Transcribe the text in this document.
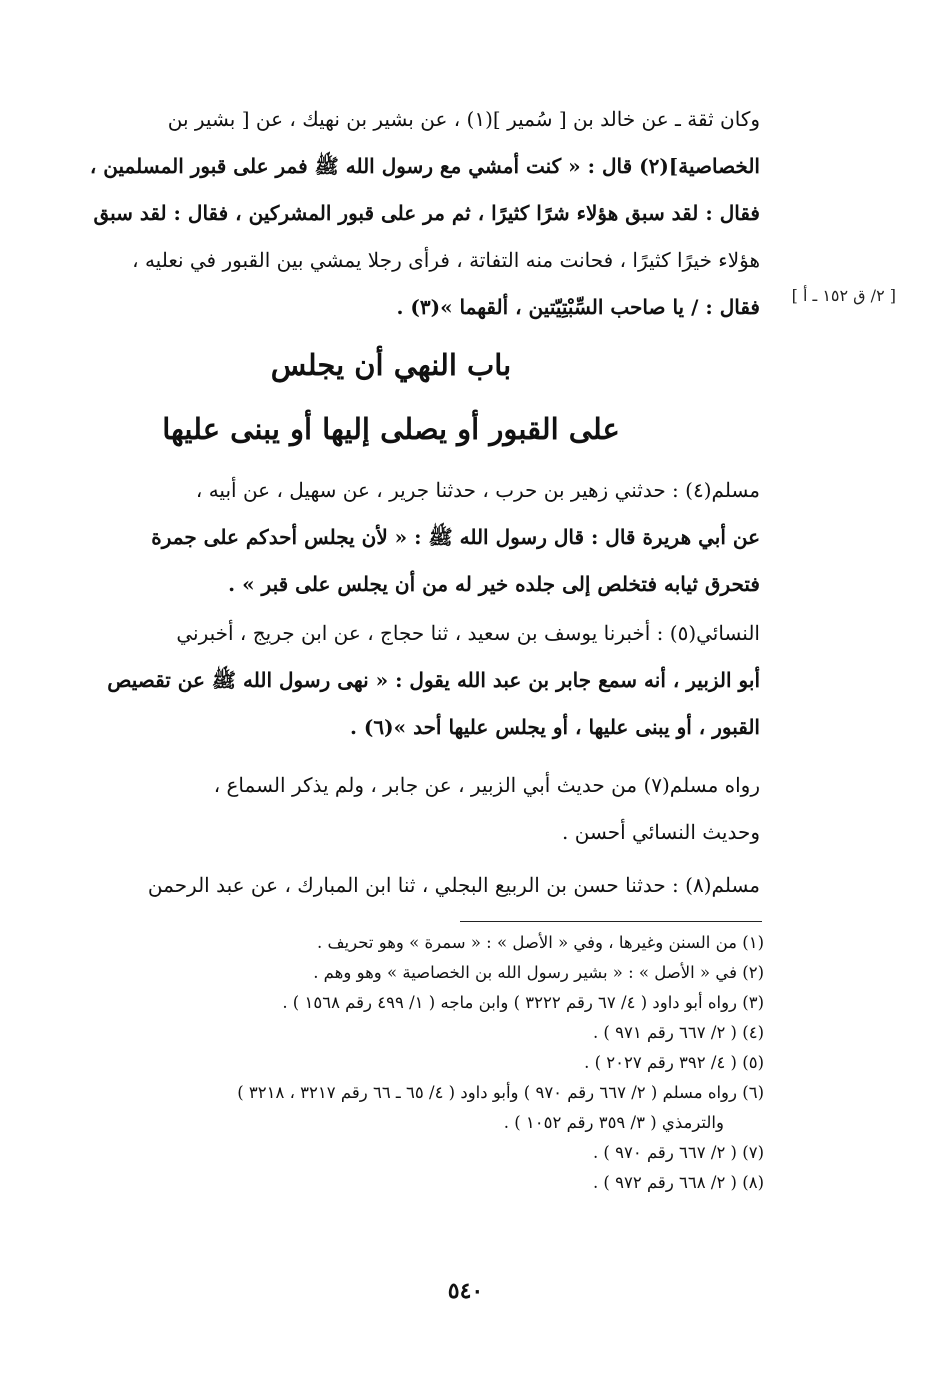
[ ٢/ ق ١٥٢ ـ أ ]
وكان ثقة ـ عن خالد بن [ سُمير ](١) ، عن بشير بن نهيك ، عن [ بشير بن
الخصاصية](٢) قال : « كنت أمشي مع رسول الله ﷺ فمر على قبور المسلمين ،
فقال : لقد سبق هؤلاء شرًا كثيرًا ، ثم مر على قبور المشركين ، فقال : لقد سبق
هؤلاء خيرًا كثيرًا ، فحانت منه التفاتة ، فرأى رجلا يمشي بين القبور في نعليه ،
فقال : / يا صاحب السِّبْتِيّتين ، ألقهما »(٣) .
باب النهي أن يجلس
على القبور أو يصلى إليها أو يبنى عليها
مسلم(٤) : حدثني زهير بن حرب ، حدثنا جرير ، عن سهيل ، عن أبيه ،
عن أبي هريرة قال : قال رسول الله ﷺ : « لأن يجلس أحدكم على جمرة
فتحرق ثيابه فتخلص إلى جلده خير له من أن يجلس على قبر » .
النسائي(٥) : أخبرنا يوسف بن سعيد ، ثنا حجاج ، عن ابن جريج ، أخبرني
أبو الزبير ، أنه سمع جابر بن عبد الله يقول : « نهى رسول الله ﷺ عن تقصيص
القبور ، أو يبنى عليها ، أو يجلس عليها أحد »(٦) .
رواه مسلم(٧) من حديث أبي الزبير ، عن جابر ، ولم يذكر السماع ،
وحديث النسائي أحسن .
مسلم(٨) : حدثنا حسن بن الربيع البجلي ، ثنا ابن المبارك ، عن عبد الرحمن
(١) من السنن وغيرها ، وفي « الأصل » : « سمرة » وهو تحريف .
(٢) في « الأصل » : « بشير رسول الله بن الخصاصية » وهو وهم .
(٣) رواه أبو داود ( ٤/ ٦٧ رقم ٣٢٢٢ ) وابن ماجه ( ١/ ٤٩٩ رقم ١٥٦٨ ) .
(٤) ( ٢/ ٦٦٧ رقم ٩٧١ ) .
(٥) ( ٤/ ٣٩٢ رقم ٢٠٢٧ ) .
(٦) رواه مسلم ( ٢/ ٦٦٧ رقم ٩٧٠ ) وأبو داود ( ٤/ ٦٥ ـ ٦٦ رقم ٣٢١٧ ، ٣٢١٨ )
والترمذي ( ٣/ ٣٥٩ رقم ١٠٥٢ ) .
(٧) ( ٢/ ٦٦٧ رقم ٩٧٠ ) .
(٨) ( ٢/ ٦٦٨ رقم ٩٧٢ ) .
٥٤٠
